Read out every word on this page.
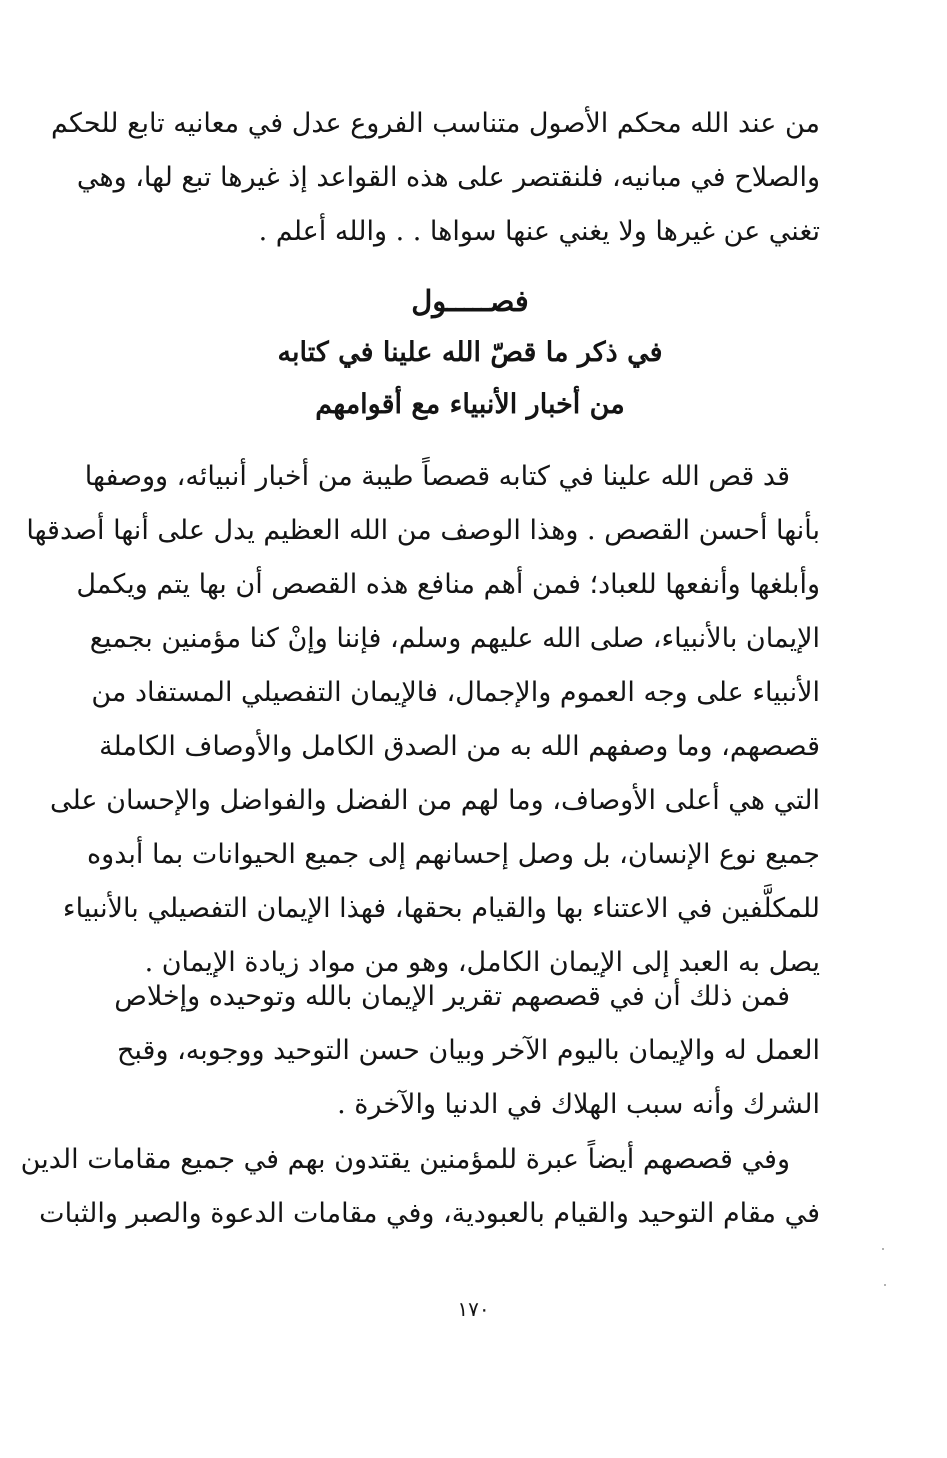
من عند الله محكم الأصول متناسب الفروع عدل في معانيه تابع للحكم
والصلاح في مبانيه، فلنقتصر على هذه القواعد إذ غيرها تبع لها، وهي
تغني عن غيرها ولا يغني عنها سواها . . والله أعلم .
فصـــــول
في ذكر ما قصّ الله علينا في كتابه
من أخبار الأنبياء مع أقوامهم
قد قص الله علينا في كتابه قصصاً طيبة من أخبار أنبيائه، ووصفها
بأنها أحسن القصص . وهذا الوصف من الله العظيم يدل على أنها أصدقها
وأبلغها وأنفعها للعباد؛ فمن أهم منافع هذه القصص أن بها يتم ويكمل
الإيمان بالأنبياء، صلى الله عليهم وسلم، فإننا وإنْ كنا مؤمنين بجميع
الأنبياء على وجه العموم والإجمال، فالإيمان التفصيلي المستفاد من
قصصهم، وما وصفهم الله به من الصدق الكامل والأوصاف الكاملة
التي هي أعلى الأوصاف، وما لهم من الفضل والفواضل والإحسان على
جميع نوع الإنسان، بل وصل إحسانهم إلى جميع الحيوانات بما أبدوه
للمكلَّفين في الاعتناء بها والقيام بحقها، فهذا الإيمان التفصيلي بالأنبياء
يصل به العبد إلى الإيمان الكامل، وهو من مواد زيادة الإيمان .
فمن ذلك أن في قصصهم تقرير الإيمان بالله وتوحيده وإخلاص
العمل له والإيمان باليوم الآخر وبيان حسن التوحيد ووجوبه، وقبح
الشرك وأنه سبب الهلاك في الدنيا والآخرة .
وفي قصصهم أيضاً عبرة للمؤمنين يقتدون بهم في جميع مقامات الدين
في مقام التوحيد والقيام بالعبودية، وفي مقامات الدعوة والصبر والثبات
١٧٠
